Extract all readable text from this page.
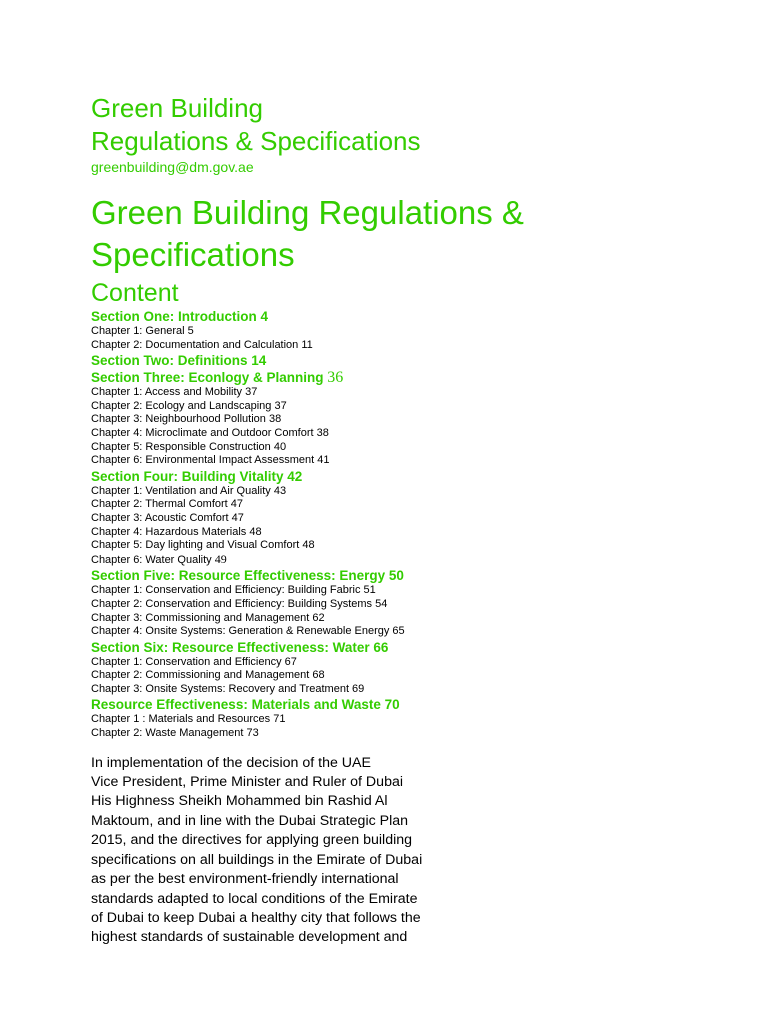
Green Building
Regulations & Specifications

greenbuilding@dm.gov.ae

Green Building Regulations &
Specifications
Content
Section One: Introduction 4
Chapter 1: General 5
Chapter 2: Documentation and Calculation 11
Section Two: Definitions 14
Section Three: Econlogy & Planning 36
Chapter 1: Access and Mobility 37
Chapter 2: Ecology and Landscaping 37
Chapter 3: Neighbourhood Pollution 38
Chapter 4: Microclimate and Outdoor Comfort 38
Chapter 5: Responsible Construction 40
Chapter 6: Environmental Impact Assessment 41
Section Four: Building Vitality 42
Chapter 1: Ventilation and Air Quality 43
Chapter 2: Thermal Comfort 47
Chapter 3: Acoustic Comfort 47
Chapter 4: Hazardous Materials 48
Chapter 5: Day lighting and Visual Comfort 48
Chapter 6: Water Quality 49
Section Five: Resource Effectiveness: Energy 50
Chapter 1: Conservation and Efficiency: Building Fabric 51
Chapter 2: Conservation and Efficiency: Building Systems 54
Chapter 3: Commissioning and Management 62
Chapter 4: Onsite Systems: Generation & Renewable Energy 65
Section Six: Resource Effectiveness: Water 66
Chapter 1: Conservation and Efficiency 67
Chapter 2: Commissioning and Management 68
Chapter 3: Onsite Systems: Recovery and Treatment 69
Resource Effectiveness: Materials and Waste 70
Chapter 1 : Materials and Resources 71
Chapter 2: Waste Management 73

In implementation of the decision of the UAE
Vice President, Prime Minister and Ruler of Dubai
His Highness Sheikh Mohammed bin Rashid Al
Maktoum, and in line with the Dubai Strategic Plan
2015, and the directives for applying green building
specifications on all buildings in the Emirate of Dubai
as per the best environment-friendly international
standards adapted to local conditions of the Emirate
of Dubai to keep Dubai a healthy city that follows the
highest standards of sustainable development and
